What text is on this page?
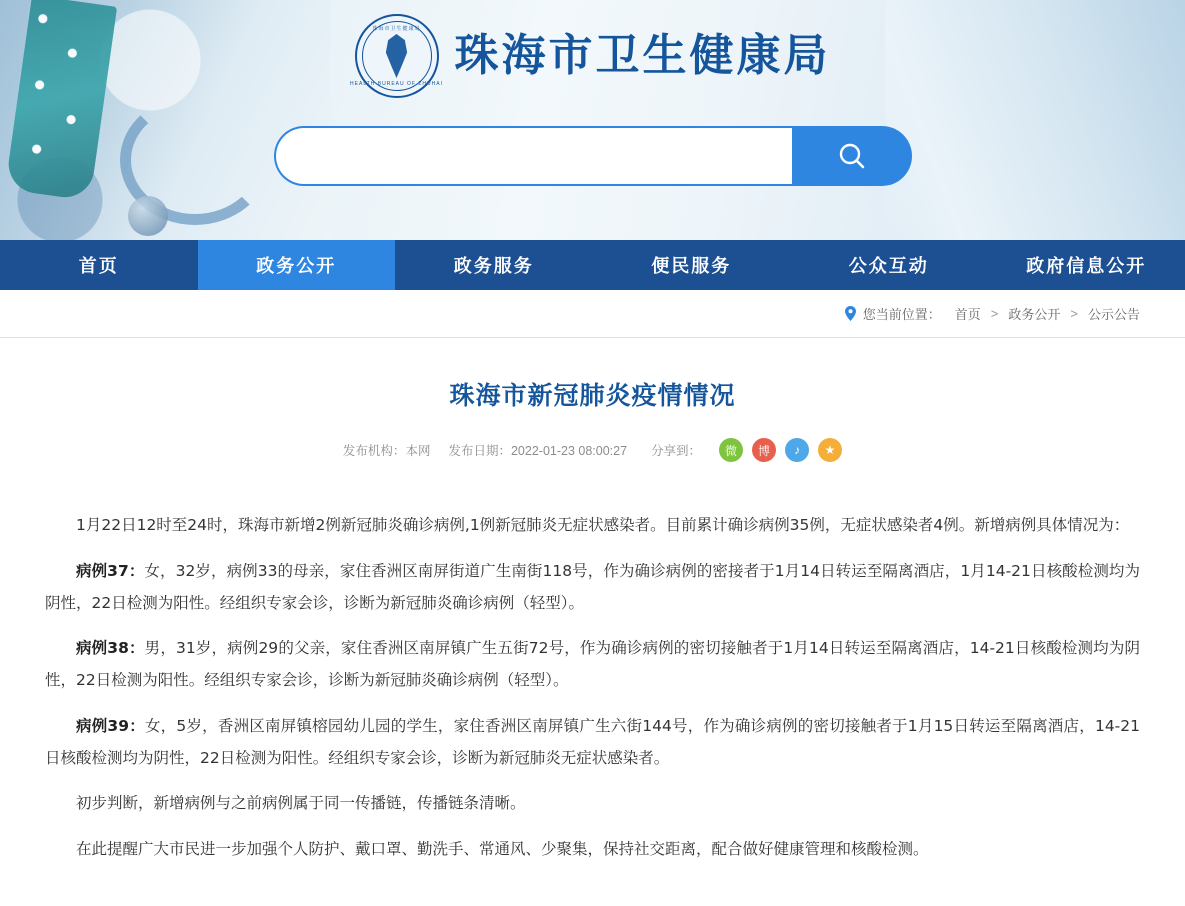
珠海市卫生健康局
HEALTH BUREAU OF ZHUHAI
珠海市卫生健康局
首页	政务公开	政务服务	便民服务	公众互动	政府信息公开
您当前位置： 首页 > 政务公开 > 公示公告
珠海市新冠肺炎疫情情况
发布机构：本网 发布日期：2022-01-23 08:00:27 分享到：	微	博	♪	★

1月22日12时至24时，珠海市新增2例新冠肺炎确诊病例,1例新冠肺炎无症状感染者。目前累计确诊病例35例，无症状感染者4例。新增病例具体情况为：

病例37：女，32岁，病例33的母亲，家住香洲区南屏街道广生南街118号，作为确诊病例的密接者于1月14日转运至隔离酒店，1月14-21日核酸检测均为阴性，22日检测为阳性。经组织专家会诊，诊断为新冠肺炎确诊病例（轻型）。

病例38：男，31岁，病例29的父亲，家住香洲区南屏镇广生五街72号，作为确诊病例的密切接触者于1月14日转运至隔离酒店，14-21日核酸检测均为阴性，22日检测为阳性。经组织专家会诊，诊断为新冠肺炎确诊病例（轻型）。

病例39：女，5岁，香洲区南屏镇榕园幼儿园的学生，家住香洲区南屏镇广生六街144号，作为确诊病例的密切接触者于1月15日转运至隔离酒店，14-21日核酸检测均为阴性，22日检测为阳性。经组织专家会诊，诊断为新冠肺炎无症状感染者。

初步判断，新增病例与之前病例属于同一传播链，传播链条清晰。

在此提醒广大市民进一步加强个人防护、戴口罩、勤洗手、常通风、少聚集，保持社交距离，配合做好健康管理和核酸检测。
